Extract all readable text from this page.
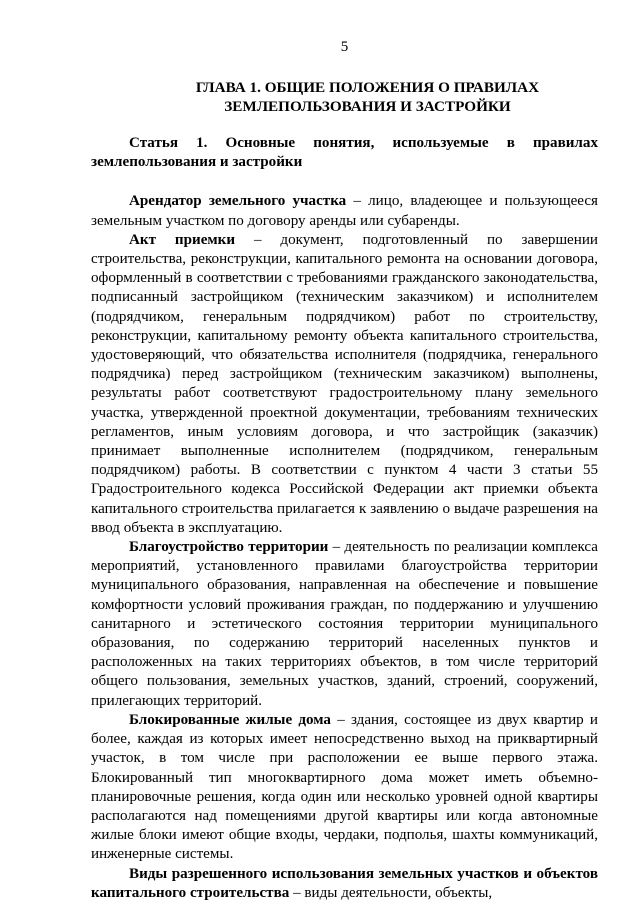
5
ГЛАВА 1. ОБЩИЕ ПОЛОЖЕНИЯ О ПРАВИЛАХ
ЗЕМЛЕПОЛЬЗОВАНИЯ И ЗАСТРОЙКИ
Статья 1. Основные понятия, используемые в правилах
землепользования и застройки

Арендатор земельного участка – лицо, владеющее и пользующееся земельным участком по договору аренды или субаренды.

Акт приемки – документ, подготовленный по завершении строительства, реконструкции, капитального ремонта на основании договора, оформленный в соответствии с требованиями гражданского законодательства, подписанный застройщиком (техническим заказчиком) и исполнителем (подрядчиком, генеральным подрядчиком) работ по строительству, реконструкции, капитальному ремонту объекта капитального строительства, удостоверяющий, что обязательства исполнителя (подрядчика, генерального подрядчика) перед застройщиком (техническим заказчиком) выполнены, результаты работ соответствуют градостроительному плану земельного участка, утвержденной проектной документации, требованиям технических регламентов, иным условиям договора, и что застройщик (заказчик) принимает выполненные исполнителем (подрядчиком, генеральным подрядчиком) работы. В соответствии с пунктом 4 части 3 статьи 55 Градостроительного кодекса Российской Федерации акт приемки объекта капитального строительства прилагается к заявлению о выдаче разрешения на ввод объекта в эксплуатацию.

Благоустройство территории – деятельность по реализации комплекса мероприятий, установленного правилами благоустройства территории муниципального образования, направленная на обеспечение и повышение комфортности условий проживания граждан, по поддержанию и улучшению санитарного и эстетического состояния территории муниципального образования, по содержанию территорий населенных пунктов и расположенных на таких территориях объектов, в том числе территорий общего пользования, земельных участков, зданий, строений, сооружений, прилегающих территорий.

Блокированные жилые дома – здания, состоящее из двух квартир и более, каждая из которых имеет непосредственно выход на приквартирный участок, в том числе при расположении ее выше первого этажа. Блокированный тип многоквартирного дома может иметь объемно-планировочные решения, когда один или несколько уровней одной квартиры располагаются над помещениями другой квартиры или когда автономные жилые блоки имеют общие входы, чердаки, подполья, шахты коммуникаций, инженерные системы.

Виды разрешенного использования земельных участков и объектов капитального строительства – виды деятельности, объекты,
